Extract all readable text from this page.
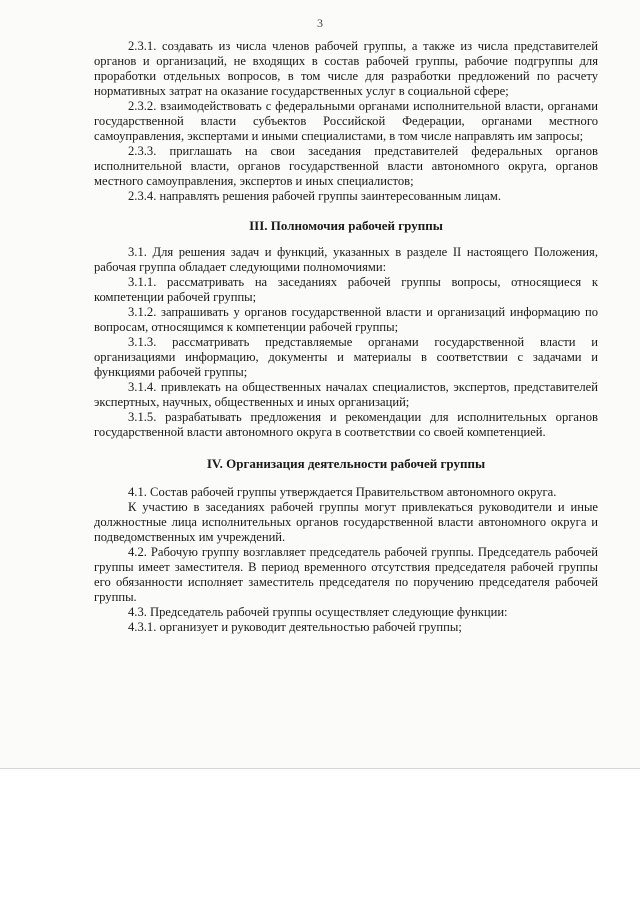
3

2.3.1. создавать из числа членов рабочей группы, а также из числа представителей органов и организаций, не входящих в состав рабочей группы, рабочие подгруппы для проработки отдельных вопросов, в том числе для разработки предложений по расчету нормативных затрат на оказание государственных услуг в социальной сфере;

2.3.2. взаимодействовать с федеральными органами исполнительной власти, органами государственной власти субъектов Российской Федерации, органами местного самоуправления, экспертами и иными специалистами, в том числе направлять им запросы;

2.3.3. приглашать на свои заседания представителей федеральных органов исполнительной власти, органов государственной власти автономного округа, органов местного самоуправления, экспертов и иных специалистов;

2.3.4. направлять решения рабочей группы заинтересованным лицам.

III. Полномочия рабочей группы

3.1. Для решения задач и функций, указанных в разделе II настоящего Положения, рабочая группа обладает следующими полномочиями:

3.1.1. рассматривать на заседаниях рабочей группы вопросы, относящиеся к компетенции рабочей группы;

3.1.2. запрашивать у органов государственной власти и организаций информацию по вопросам, относящимся к компетенции рабочей группы;

3.1.3. рассматривать представляемые органами государственной власти и организациями информацию, документы и материалы в соответствии с задачами и функциями рабочей группы;

3.1.4. привлекать на общественных началах специалистов, экспертов, представителей экспертных, научных, общественных и иных организаций;

3.1.5. разрабатывать предложения и рекомендации для исполнительных органов государственной власти автономного округа в соответствии со своей компетенцией.

IV. Организация деятельности рабочей группы

4.1. Состав рабочей группы утверждается Правительством автономного округа.

К участию в заседаниях рабочей группы могут привлекаться руководители и иные должностные лица исполнительных органов государственной власти автономного округа и подведомственных им учреждений.

4.2. Рабочую группу возглавляет председатель рабочей группы. Председатель рабочей группы имеет заместителя. В период временного отсутствия председателя рабочей группы его обязанности исполняет заместитель председателя по поручению председателя рабочей группы.

4.3. Председатель рабочей группы осуществляет следующие функции:

4.3.1. организует и руководит деятельностью рабочей группы;
